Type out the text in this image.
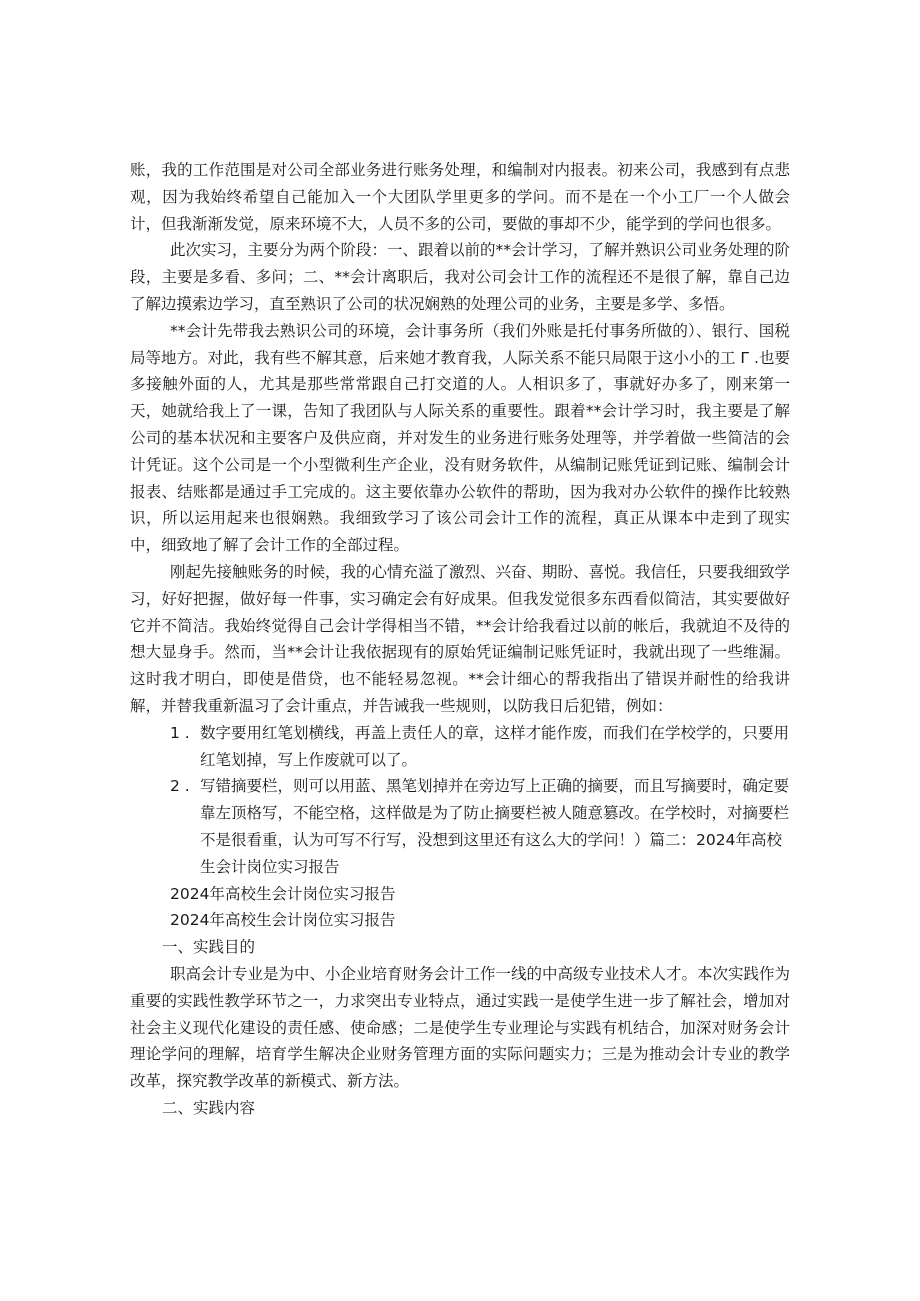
账，我的工作范围是对公司全部业务进行账务处理，和编制对内报表。初来公司，我感到有点悲观，因为我始终希望自己能加入一个大团队学里更多的学问。而不是在一个小工厂一个人做会计，但我渐渐发觉，原来环境不大，人员不多的公司，要做的事却不少，能学到的学问也很多。

此次实习，主要分为两个阶段：一、跟着以前的**会计学习，了解并熟识公司业务处理的阶段，主要是多看、多问；二、**会计离职后，我对公司会计工作的流程还不是很了解，靠自己边了解边摸索边学习，直至熟识了公司的状况娴熟的处理公司的业务，主要是多学、多悟。

**会计先带我去熟识公司的环境，会计事务所（我们外账是托付事务所做的）、银行、国税局等地方。对此，我有些不解其意，后来她才教育我，人际关系不能只局限于这小小的工 Γ .也要多接触外面的人，尤其是那些常常跟自己打交道的人。人相识多了，事就好办多了，刚来第一天，她就给我上了一课，告知了我团队与人际关系的重要性。跟着**会计学习时，我主要是了解公司的基本状况和主要客户及供应商，并对发生的业务进行账务处理等，并学着做一些简洁的会计凭证。这个公司是一个小型微利生产企业，没有财务软件，从编制记账凭证到记账、编制会计报表、结账都是通过手工完成的。这主要依靠办公软件的帮助，因为我对办公软件的操作比较熟识，所以运用起来也很娴熟。我细致学习了该公司会计工作的流程，真正从课本中走到了现实中，细致地了解了会计工作的全部过程。

刚起先接触账务的时候，我的心情充溢了激烈、兴奋、期盼、喜悦。我信任，只要我细致学习，好好把握，做好每一件事，实习确定会有好成果。但我发觉很多东西看似简洁，其实要做好它并不简洁。我始终觉得自己会计学得相当不错，**会计给我看过以前的帐后，我就迫不及待的想大显身手。然而，当**会计让我依据现有的原始凭证编制记账凭证时，我就出现了一些维漏。这时我才明白，即使是借贷，也不能轻易忽视。**会计细心的帮我指出了错误并耐性的给我讲解，并替我重新温习了会计重点，并告诫我一些规则，以防我日后犯错，例如：

1 . 数字要用红笔划横线，再盖上责任人的章，这样才能作废，而我们在学校学的，只要用红笔划掉，写上作废就可以了。
2 . 写错摘要栏，则可以用蓝、黑笔划掉并在旁边写上正确的摘要，而且写摘要时，确定要靠左顶格写，不能空格，这样做是为了防止摘要栏被人随意篡改。在学校时，对摘要栏不是很看重，认为可写不行写，没想到这里还有这么大的学问！）篇二：2024年高校生会计岗位实习报告

2024年高校生会计岗位实习报告

2024年高校生会计岗位实习报告

一、实践目的

职高会计专业是为中、小企业培育财务会计工作一线的中高级专业技术人才。本次实践作为重要的实践性教学环节之一，力求突出专业特点，通过实践一是使学生进一步了解社会，增加对社会主义现代化建设的责任感、使命感；二是使学生专业理论与实践有机结合，加深对财务会计理论学问的理解，培育学生解决企业财务管理方面的实际问题实力；三是为推动会计专业的教学改革，探究教学改革的新模式、新方法。

二、实践内容
